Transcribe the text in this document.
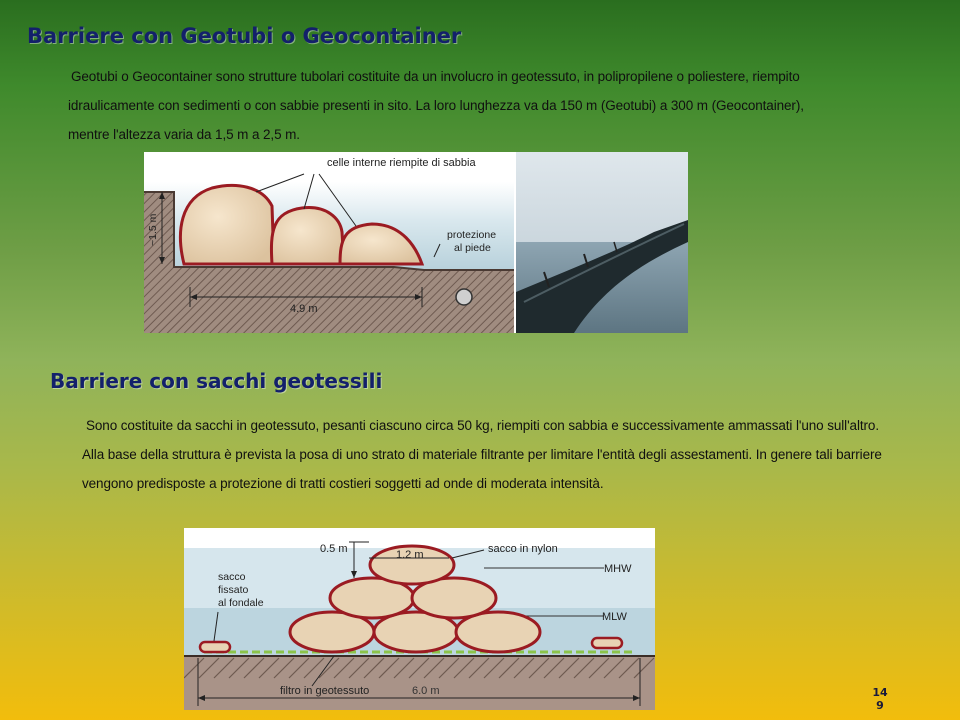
Barriere con Geotubi o Geocontainer

Geotubi o Geocontainer sono strutture tubolari costituite da un involucro in geotessuto, in polipropilene o poliestere, riempito idraulicamente con sedimenti o con sabbie presenti in sito. La loro lunghezza va da 150 m (Geotubi) a 300 m (Geocontainer), mentre l'altezza varia da 1,5 m a 2,5 m.

celle interne riempite di sabbia
protezione
al piede
~1.5 m
4.9 m
Barriere con sacchi geotessili

Sono costituite da sacchi in geotessuto, pesanti ciascuno circa 50 kg, riempiti con sabbia e successivamente ammassati l'uno sull'altro. Alla base della struttura è prevista la posa di uno strato di materiale filtrante per limitare l'entità degli assestamenti. In genere tali barriere vengono predisposte a protezione di tratti costieri soggetti ad onde di moderata intensità.

0.5 m	1.2 m	sacco in nylon
sacco
fissato
al fondale
MHW
MLW
filtro in geotessuto	6.0 m	14
9
